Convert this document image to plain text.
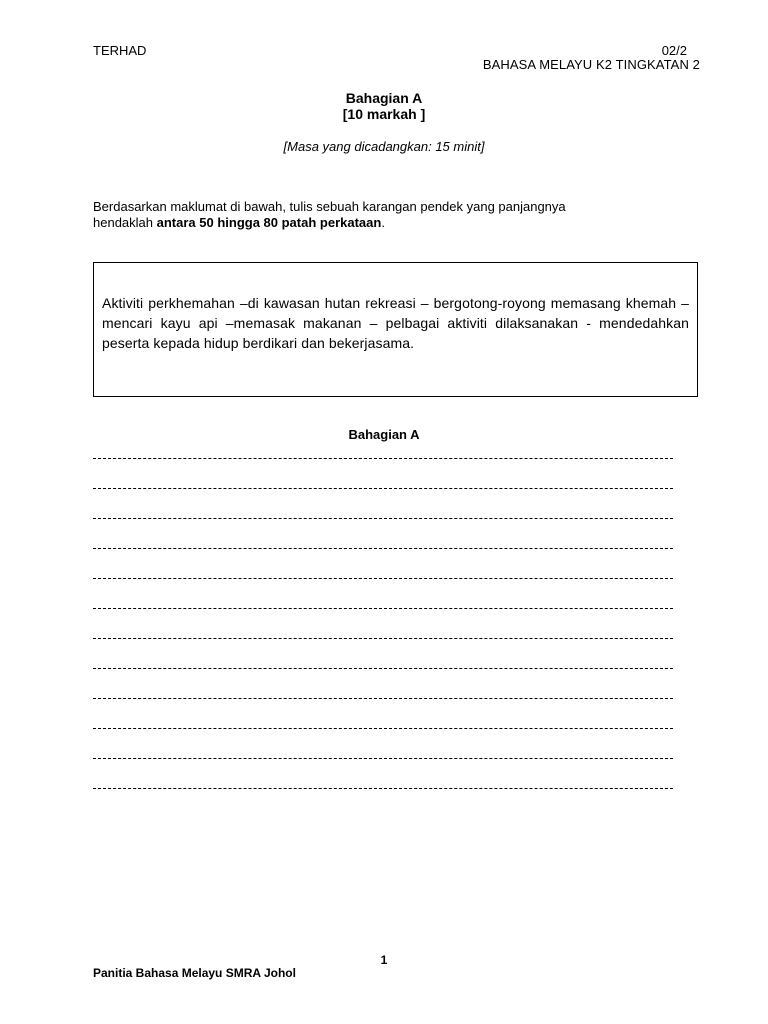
TERHAD	02/2
BAHASA MELAYU K2 TINGKATAN 2
Bahagian A
[10 markah ]
[Masa yang dicadangkan: 15 minit]
Berdasarkan maklumat di bawah, tulis sebuah karangan pendek yang panjangnya
hendaklah antara 50 hingga 80 patah perkataan.
Aktiviti perkhemahan –di kawasan hutan rekreasi – bergotong-royong memasang khemah – mencari kayu api –memasak makanan – pelbagai aktiviti dilaksanakan - mendedahkan peserta kepada hidup berdikari dan bekerjasama.
Bahagian A
1
Panitia Bahasa Melayu SMRA Johol
